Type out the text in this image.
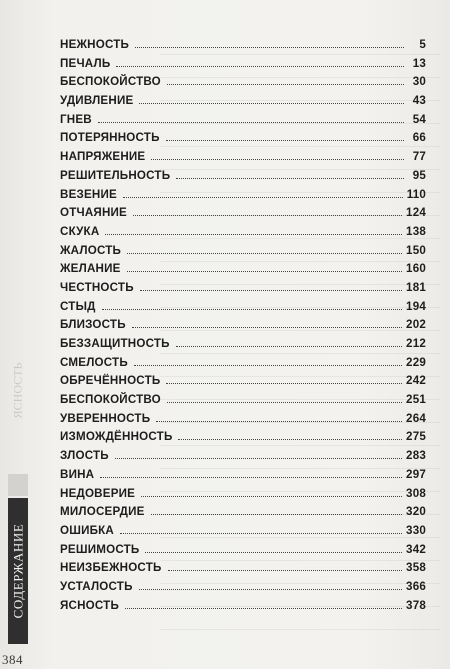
НЕЖНОСТЬ	5
ПЕЧАЛЬ	13
БЕСПОКОЙСТВО	30
УДИВЛЕНИЕ	43
ГНЕВ	54
ПОТЕРЯННОСТЬ	66
НАПРЯЖЕНИЕ	77
РЕШИТЕЛЬНОСТЬ	95
ВЕЗЕНИЕ	110
ОТЧАЯНИЕ	124
СКУКА	138
ЖАЛОСТЬ	150
ЖЕЛАНИЕ	160
ЧЕСТНОСТЬ	181
СТЫД	194
БЛИЗОСТЬ	202
БЕЗЗАЩИТНОСТЬ	212
СМЕЛОСТЬ	229
ОБРЕЧЁННОСТЬ	242
БЕСПОКОЙСТВО	251
УВЕРЕННОСТЬ	264
ИЗМОЖДЁННОСТЬ	275
ЗЛОСТЬ	283
ВИНА	297
НЕДОВЕРИЕ	308
МИЛОСЕРДИЕ	320
ОШИБКА	330
РЕШИМОСТЬ	342
НЕИЗБЕЖНОСТЬ	358
УСТАЛОСТЬ	366
ЯСНОСТЬ	378
ЯСНОСТЬ
СОДЕРЖАНИЕ
384
